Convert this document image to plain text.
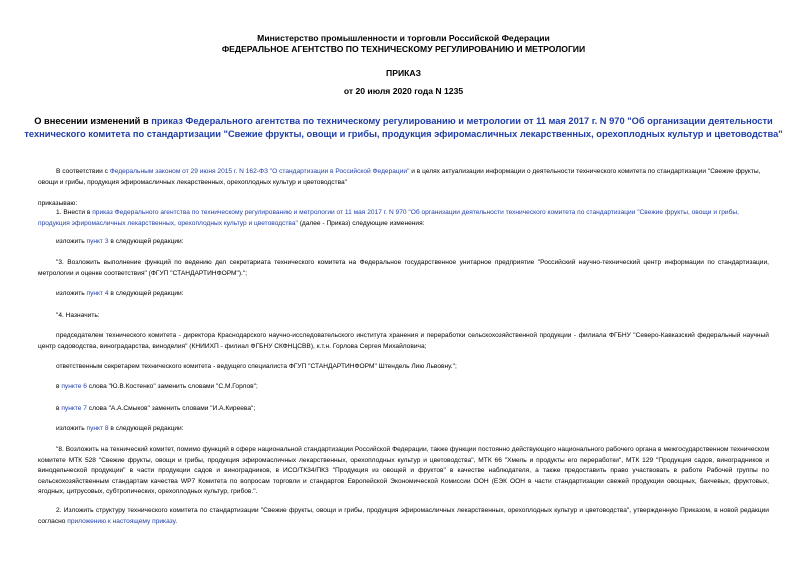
Министерство промышленности и торговли Российской Федерации
ФЕДЕРАЛЬНОЕ АГЕНТСТВО ПО ТЕХНИЧЕСКОМУ РЕГУЛИРОВАНИЮ И МЕТРОЛОГИИ
ПРИКАЗ
от 20 июля 2020 года N 1235
О внесении изменений в приказ Федерального агентства по техническому регулированию и метрологии от 11 мая 2017 г. N 970 "Об организации деятельности технического комитета по стандартизации "Свежие фрукты, овощи и грибы, продукция эфиромасличных лекарственных, орехоплодных культур и цветоводства"
В соответствии с Федеральным законом от 29 июня 2015 г. N 162-ФЗ "О стандартизации в Российской Федерации" и в целях актуализации информации о деятельности технического комитета по стандартизации "Свежие фрукты, овощи и грибы, продукция эфиромасличных лекарственных, орехоплодных культур и цветоводства"
приказываю:
1. Внести в приказ Федерального агентства по техническому регулированию и метрологии от 11 мая 2017 г. N 970 "Об организации деятельности технического комитета по стандартизации "Свежие фрукты, овощи и грибы, продукция эфиромасличных лекарственных, орехоплодных культур и цветоводства" (далее - Приказ) следующие изменения:
изложить пункт 3 в следующей редакции:
"3. Возложить выполнение функций по ведению дел секретариата технического комитета на Федеральное государственное унитарное предприятие "Российский научно-технический центр информации по стандартизации, метрологии и оценке соответствия" (ФГУП "СТАНДАРТИНФОРМ").";
изложить пункт 4 в следующей редакции:
"4. Назначить:
председателем технического комитета - директора Краснодарского научно-исследовательского института хранения и переработки сельскохозяйственной продукции - филиала ФГБНУ "Северо-Кавказский федеральный научный центр садоводства, виноградарства, виноделия" (КНИИХП - филиал ФГБНУ СКФНЦСВВ), к.т.н. Горлова Сергея Михайловича;
ответственным секретарем технического комитета - ведущего специалиста ФГУП "СТАНДАРТИНФОРМ" Штендель Лию Львовну.";
в пункте 6 слова "Ю.В.Костенко" заменить словами "С.М.Горлов";
в пункте 7 слова "А.А.Смыков" заменить словами "И.А.Киреева";
изложить пункт 8 в следующей редакции:
"8. Возложить на технический комитет, помимо функций в сфере национальной стандартизации Российской Федерации, также функции постоянно действующего национального рабочего органа в межгосударственном техническом комитете МТК 528 "Свежие фрукты, овощи и грибы, продукция эфиромасличных лекарственных, орехоплодных культур и цветоводства", МТК 66 "Хмель и продукты его переработки", МТК 129 "Продукция садов, виноградников и винодельческой продукции" в части продукции садов и виноградников, в ИСО/ТК34/ПК3 "Продукция из овощей и фруктов" в качестве наблюдателя, а также предоставить право участвовать в работе Рабочей группы по сельскохозяйственным стандартам качества WP7 Комитета по вопросам торговли и стандартов Европейской Экономической Комиссии ООН (ЕЭК ООН в части стандартизации свежей продукции овощных, бахчевых, фруктовых, ягодных, цитрусовых, субтропических, орехоплодных культур, грибов.".
2. Изложить структуру технического комитета по стандартизации "Свежие фрукты, овощи и грибы, продукция эфиромасличных лекарственных, орехоплодных культур и цветоводства", утвержденную Приказом, в новой редакции согласно приложению к настоящему приказу.
